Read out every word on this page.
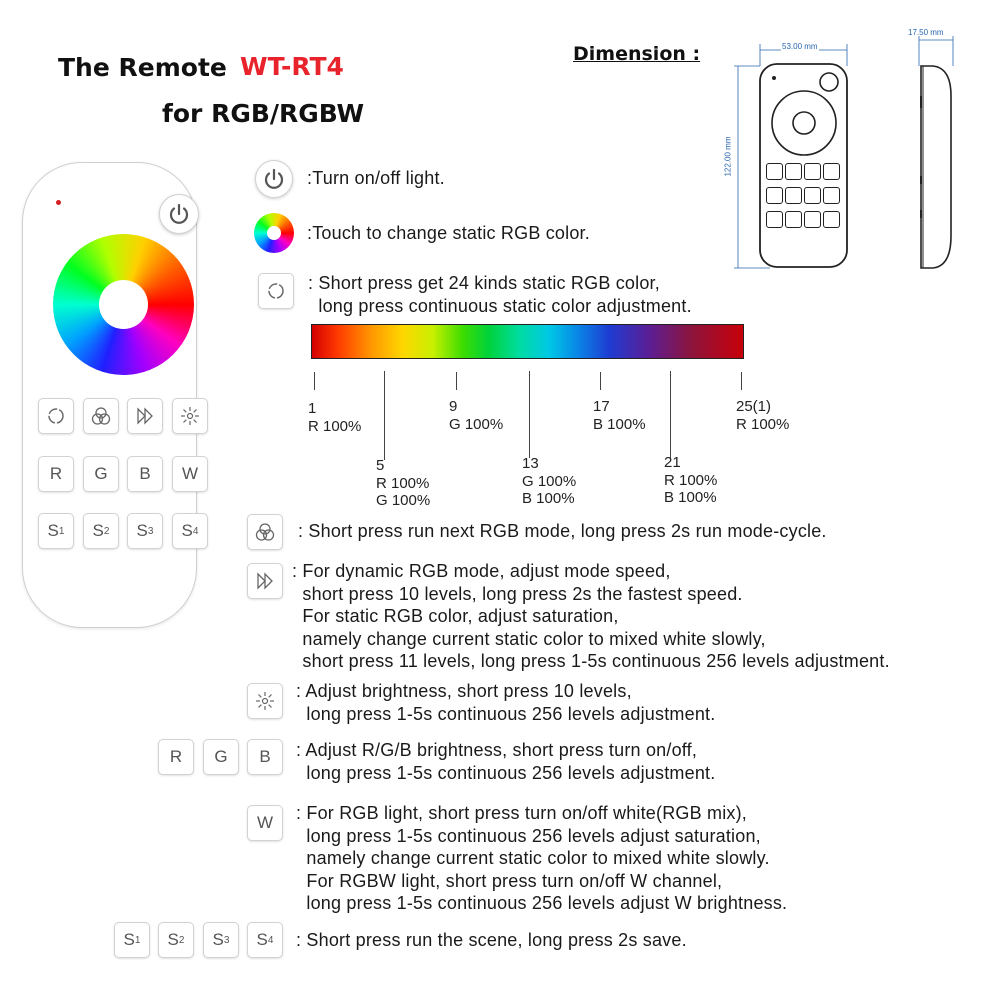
The Remote WT-RT4
for RGB/RGBW
Dimension :	53.00 mm
122.00 mm
17.50 mm
R	G	B	W
S 1 S 2 S 3 S 4
:Turn on/off light.
:Touch to change static RGB color.
: Short press get 24 kinds static RGB color,
long press continuous static color adjustment.
1
R 100%
9
G 100%
17
B 100%
25(1)
R 100%
5
R 100%
G 100%
13
G 100%
B 100%
21
R 100%
B 100%
: Short press run next RGB mode, long press 2s run mode-cycle.
: For dynamic RGB mode, adjust mode speed,
short press 10 levels, long press 2s the fastest speed.
For static RGB color, adjust saturation,
namely change current static color to mixed white slowly,
short press 11 levels, long press 1-5s continuous 256 levels adjustment.
: Adjust brightness, short press 10 levels,
long press 1-5s continuous 256 levels adjustment.
R	G	B	: Adjust R/G/B brightness, short press turn on/off,
long press 1-5s continuous 256 levels adjustment.
W	: For RGB light, short press turn on/off white(RGB mix),
long press 1-5s continuous 256 levels adjust saturation,
namely change current static color to mixed white slowly.
For RGBW light, short press turn on/off W channel,
long press 1-5s continuous 256 levels adjust W brightness.
S 1 S 2 S 3 S 4 : Short press run the scene, long press 2s save.
